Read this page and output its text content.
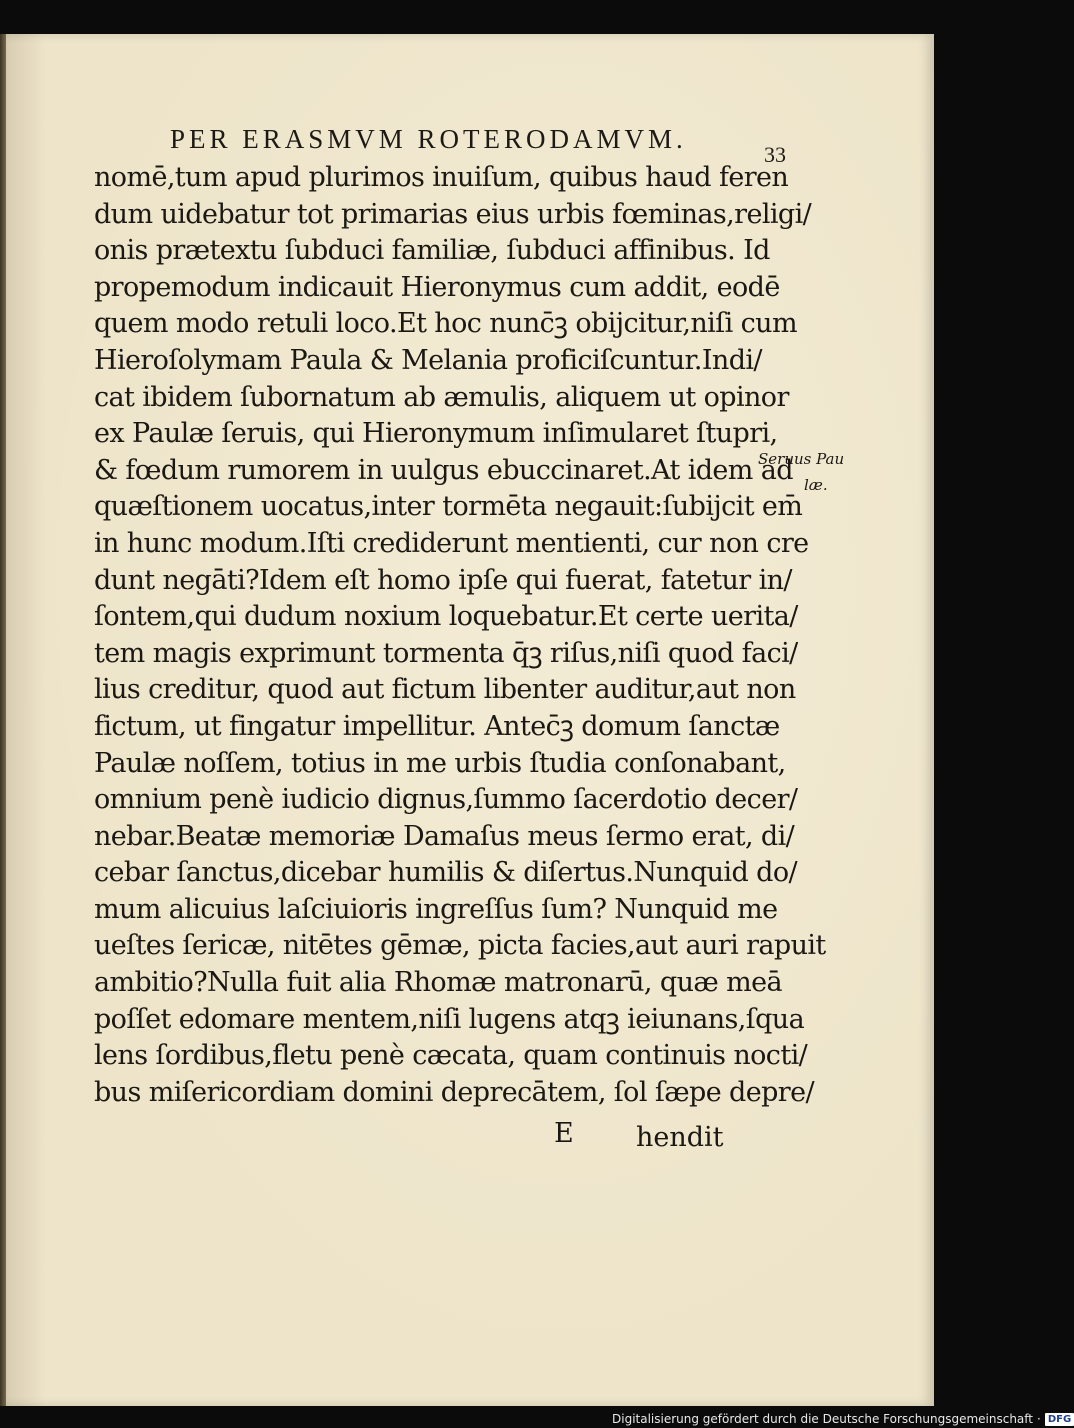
PER ERASMVM ROTERODAMVM.
33
nomē,tum apud plurimos inuiſum, quibus haud feren
dum uidebatur tot primarias eius urbis fœminas,religi/
onis prætextu ſubduci familiæ, ſubduci affinibus. Id
propemodum indicauit Hieronymus cum addit, eodē
quem modo retuli loco.Et hoc nunc̄ꝫ obijcitur,niſi cum
Hieroſolymam Paula & Melania proficiſcuntur.Indi/
cat ibidem ſubornatum ab æmulis, aliquem ut opinor
ex Paulæ ſeruis, qui Hieronymum inſimularet ſtupri,
& fœdum rumorem in uulgus ebuccinaret.At idem ad
quæſtionem uocatus,inter tormēta negauit:ſubijcit em̄
in hunc modum.Iſti crediderunt mentienti, cur non cre
dunt negāti?Idem eſt homo ipſe qui fuerat, fatetur in/
ſontem,qui dudum noxium loquebatur.Et certe uerita/
tem magis exprimunt tormenta q̄ꝫ riſus,niſi quod faci/
lius creditur, quod aut fictum libenter auditur,aut non
fictum, ut fingatur impellitur. Antec̄ꝫ domum ſanctæ
Paulæ noſſem, totius in me urbis ſtudia conſonabant,
omnium penè iudicio dignus,ſummo ſacerdotio decer/
nebar.Beatæ memoriæ Damaſus meus ſermo erat, di/
cebar ſanctus,dicebar humilis & diſertus.Nunquid do/
mum alicuius laſciuioris ingreſſus ſum? Nunquid me
ueſtes ſericæ, nitētes gēmæ, picta facies,aut auri rapuit
ambitio?Nulla fuit alia Rhomæ matronarū, quæ meā
poſſet edomare mentem,niſi lugens atqꝫ ieiunans,ſqua
lens ſordibus,fletu penè cæcata, quam continuis nocti/
bus miſericordiam domini deprecātem, ſol ſæpe depre/
E hendit
Seruus Pau
læ.
Digitalisierung gefördert durch die Deutsche Forschungsgemeinschaft · DFG
